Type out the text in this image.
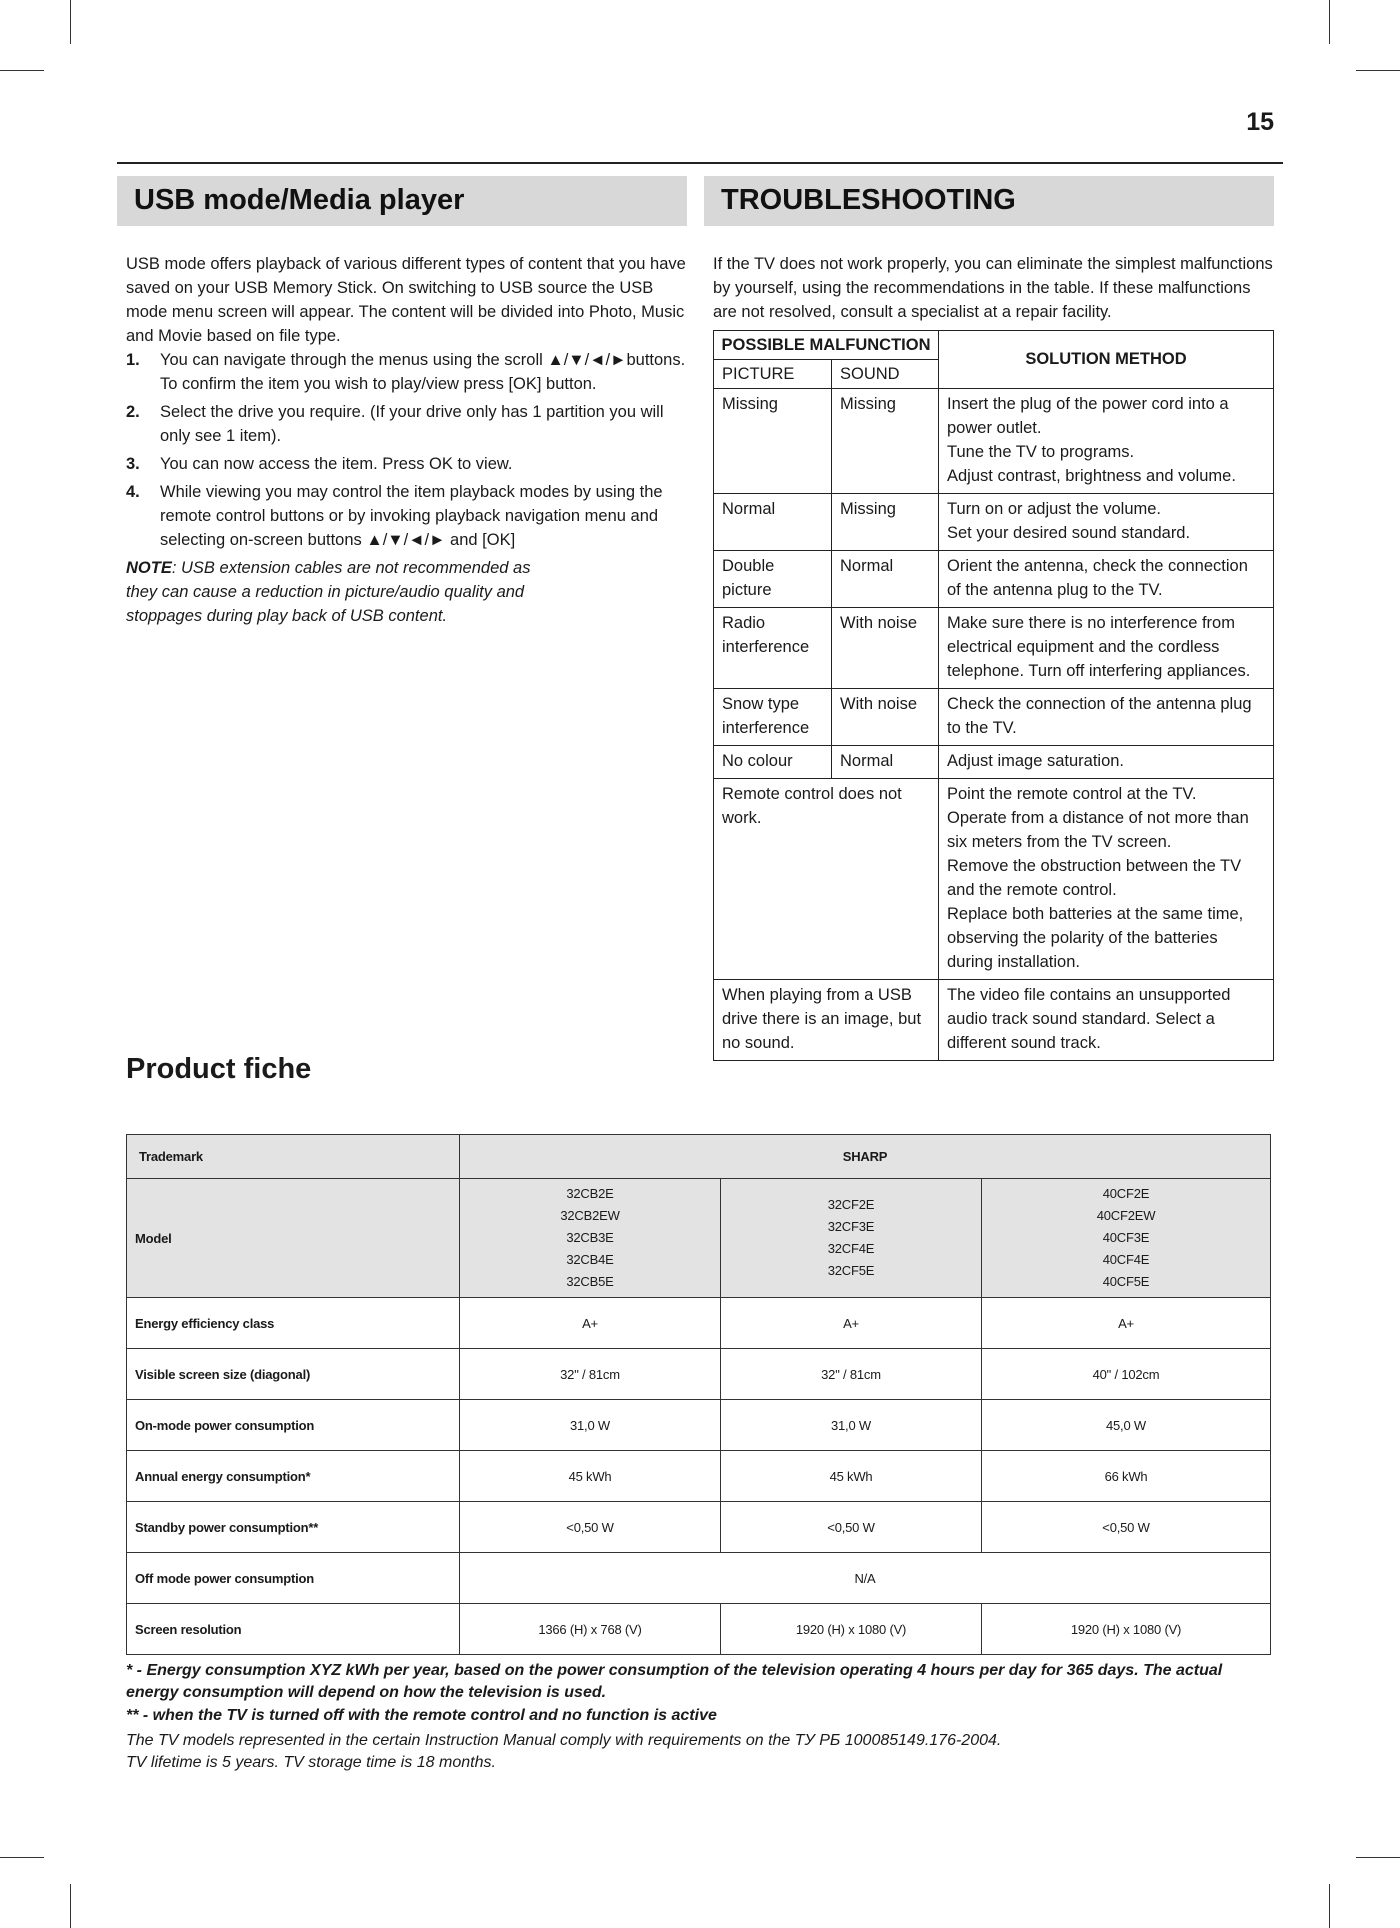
15
USB mode/Media player	TROUBLESHOOTING

USB mode offers playback of various different types of content that you have saved on your USB Memory Stick. On switching to USB source the USB mode menu screen will appear. The content will be divided into Photo, Music and Movie based on file type.

1. You can navigate through the menus using the scroll ▲/▼/◄/►buttons. To confirm the item you wish to play/view press [OK] button.
2. Select the drive you require. (If your drive only has 1 partition you will only see 1 item).
3. You can now access the item. Press OK to view.
4. While viewing you may control the item playback modes by using the remote control buttons or by invoking playback navigation menu and selecting on-screen buttons ▲/▼/◄/► and [OK]

NOTE: USB extension cables are not recommended as they can cause a reduction in picture/audio quality and stoppages during play back of USB content.

If the TV does not work properly, you can eliminate the simplest malfunctions by yourself, using the recommendations in the table. If these malfunctions are not resolved, consult a specialist at a repair facility.
POSSIBLE MALFUNCTION		SOLUTION METHOD
PICTURE	SOUND	
Missing	Missing	Insert the plug of the power cord into a power outlet.
Tune the TV to programs.
Adjust contrast, brightness and volume.
Normal	Missing	Turn on or adjust the volume.
Set your desired sound standard.
Double picture	Normal	Orient the antenna, check the connection of the antenna plug to the TV.
Radio interference	With noise	Make sure there is no interference from electrical equipment and the cordless telephone. Turn off interfering appliances.
Snow type interference	With noise	Check the connection of the antenna plug to the TV.
No colour	Normal	Adjust image saturation.
Remote control does not work.		Point the remote control at the TV.
Operate from a distance of not more than six meters from the TV screen.
Remove the obstruction between the TV and the remote control.
Replace both batteries at the same time, observing the polarity of the batteries during installation.
When playing from a USB drive there is an image, but no sound.		The video file contains an unsupported audio track sound standard. Select a different sound track.
Product fiche
Trademark	SHARP		
Model	32CB2E
32CB2EW
32CB3E
32CB4E
32CB5E	32CF2E
32CF3E
32CF4E
32CF5E	40CF2E
40CF2EW
40CF3E
40CF4E
40CF5E
Energy efficiency class	A+	A+	A+
Visible screen size (diagonal)	32" / 81cm	32" / 81cm	40" / 102cm
On-mode power consumption	31,0 W	31,0 W	45,0 W
Annual energy consumption*	45 kWh	45 kWh	66 kWh
Standby power consumption**	<0,50 W	<0,50 W	<0,50 W
Off mode power consumption	N/A		
Screen resolution	1366 (H) x 768 (V)	1920 (H) x 1080 (V)	1920 (H) x 1080 (V)
* - Energy consumption XYZ kWh per year, based on the power consumption of the television operating 4 hours per day for 365 days. The actual energy consumption will depend on how the television is used.
** - when the TV is turned off with the remote control and no function is active
The TV models represented in the certain Instruction Manual comply with requirements on the ТУ РБ 100085149.176-2004.
TV lifetime is 5 years. TV storage time is 18 months.
